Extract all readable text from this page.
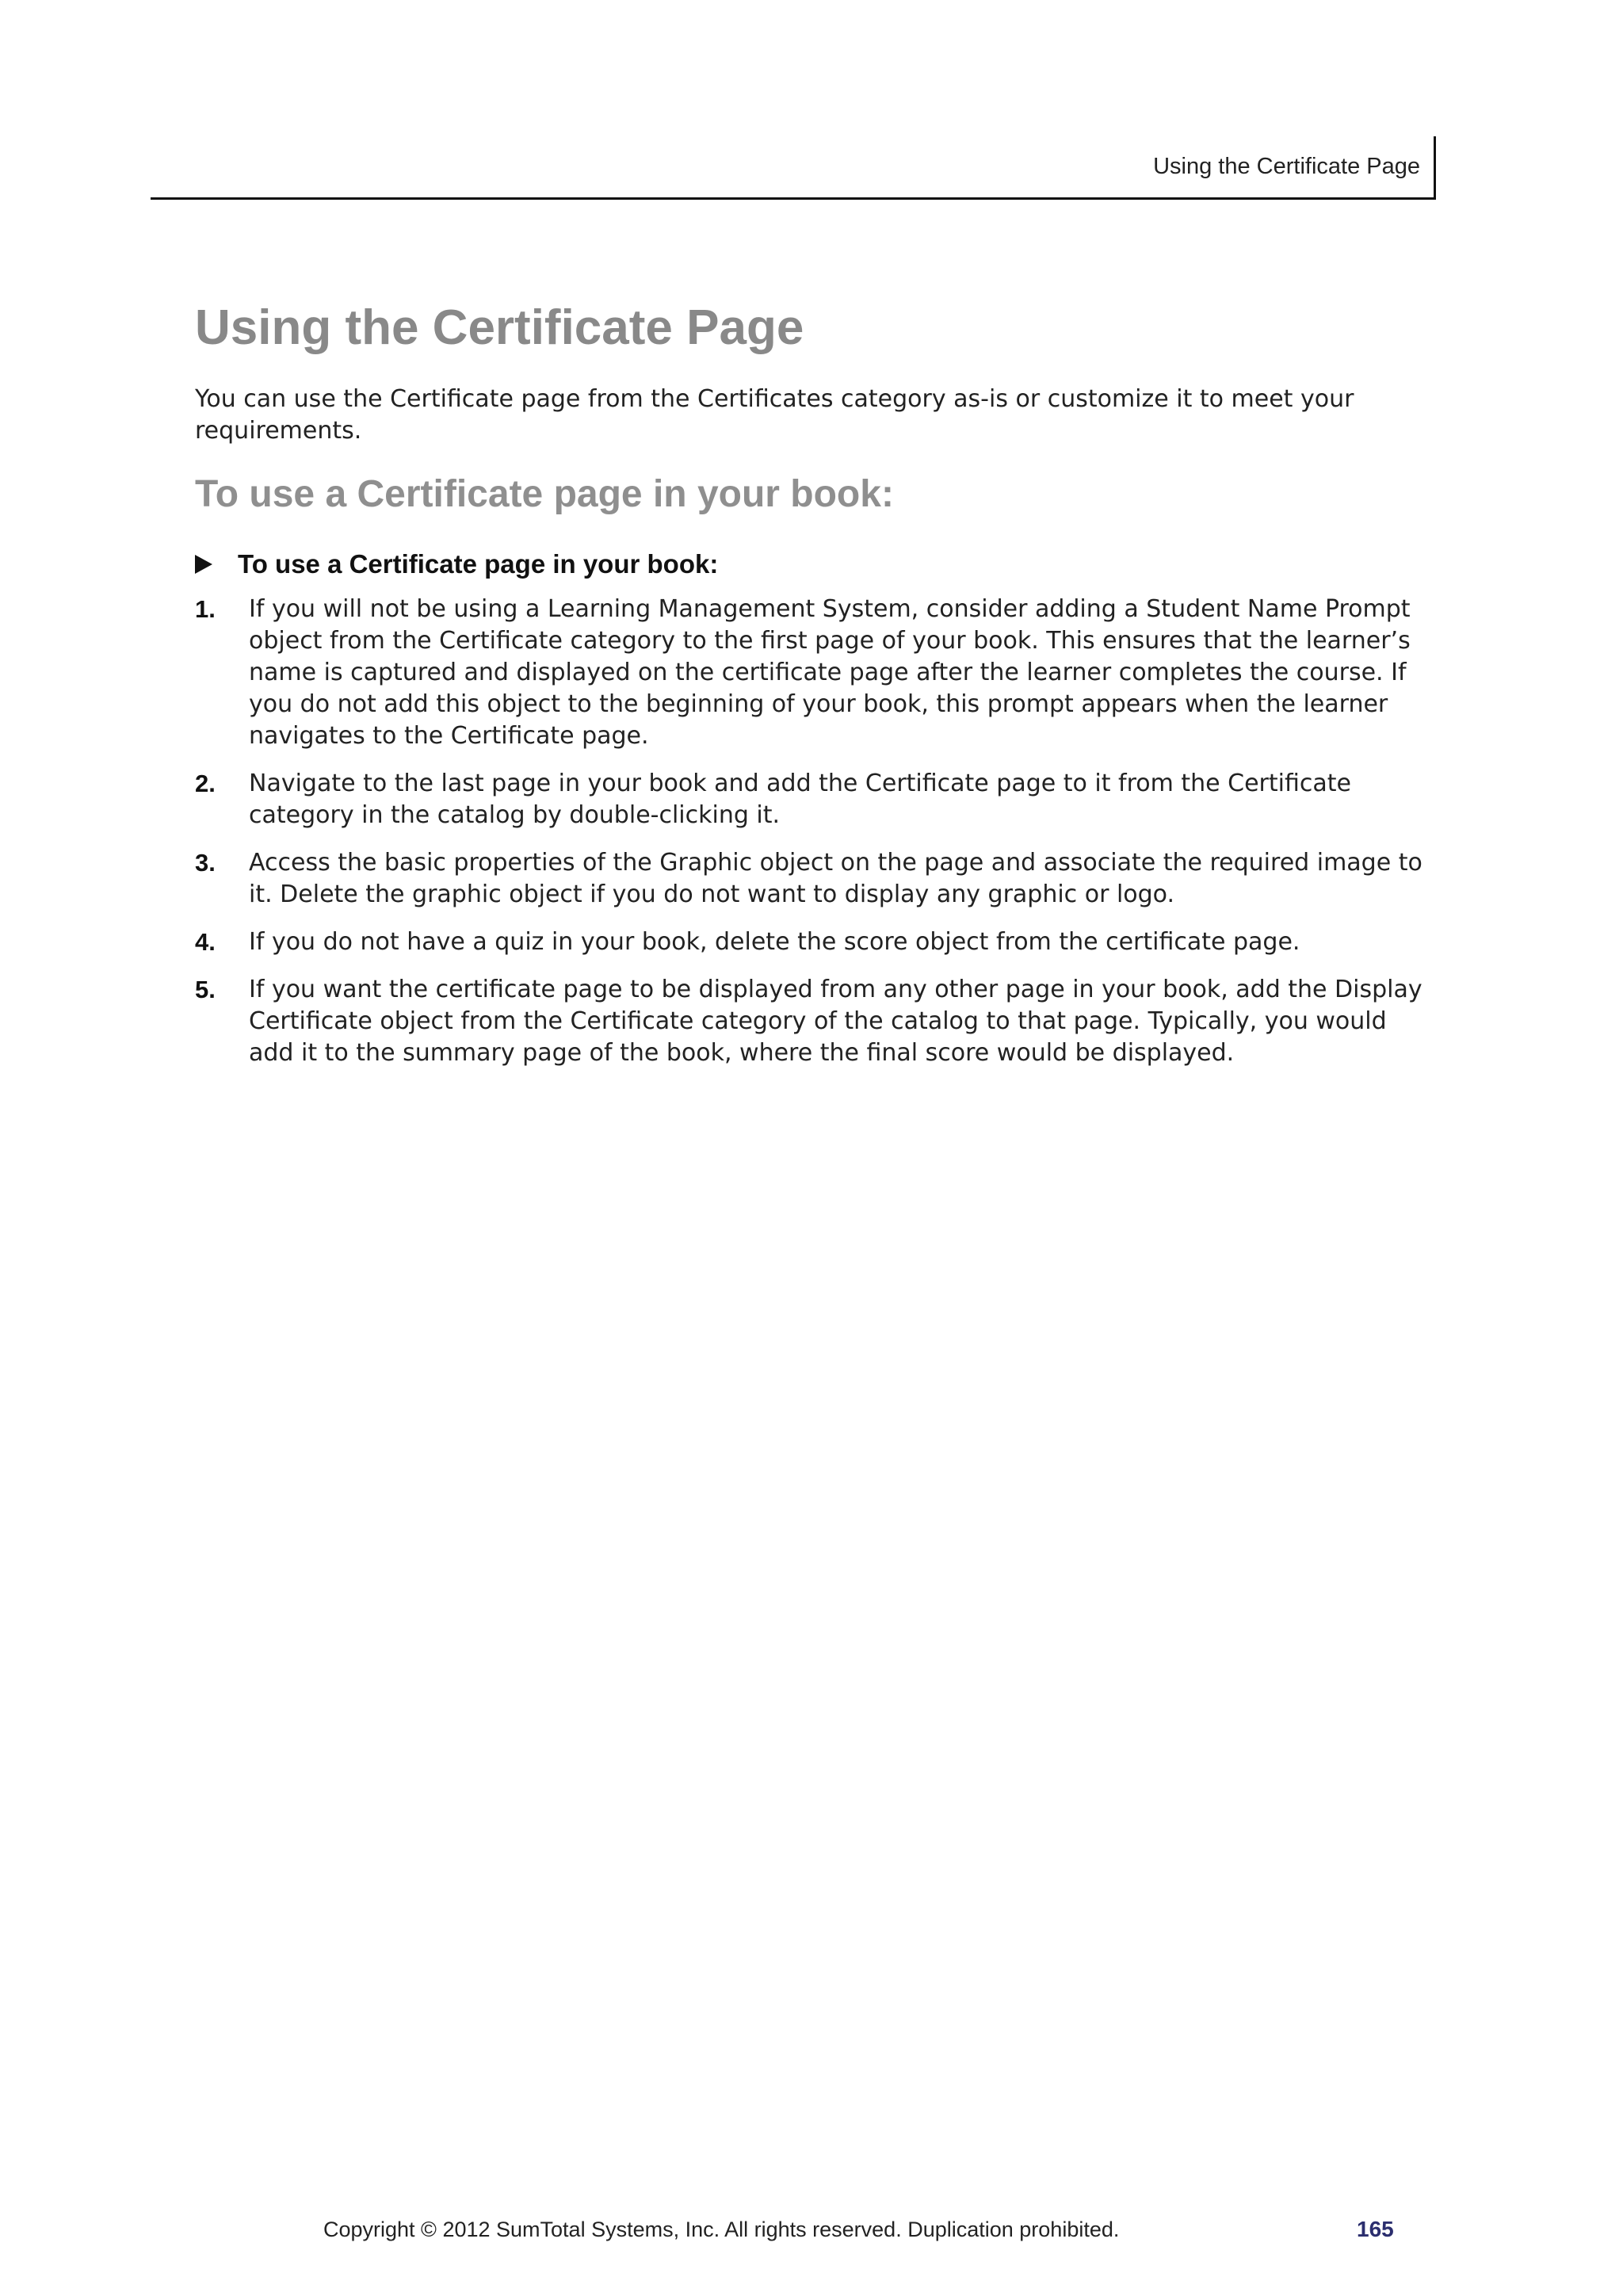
Using the Certificate Page
Using the Certificate Page

You can use the Certificate page from the Certificates category as-is or customize it to meet your requirements.

To use a Certificate page in your book:
To use a Certificate page in your book:
1. If you will not be using a Learning Management System, consider adding a Student Name Prompt object from the Certificate category to the first page of your book. This ensures that the learner’s name is captured and displayed on the certificate page after the learner completes the course. If you do not add this object to the beginning of your book, this prompt appears when the learner navigates to the Certificate page.
2. Navigate to the last page in your book and add the Certificate page to it from the Certificate category in the catalog by double-clicking it.
3. Access the basic properties of the Graphic object on the page and associate the required image to it. Delete the graphic object if you do not want to display any graphic or logo.
4. If you do not have a quiz in your book, delete the score object from the certificate page.
5. If you want the certificate page to be displayed from any other page in your book, add the Display Certificate object from the Certificate category of the catalog to that page. Typically, you would add it to the summary page of the book, where the final score would be displayed.
Copyright © 2012 SumTotal Systems, Inc. All rights reserved. Duplication prohibited.	165
